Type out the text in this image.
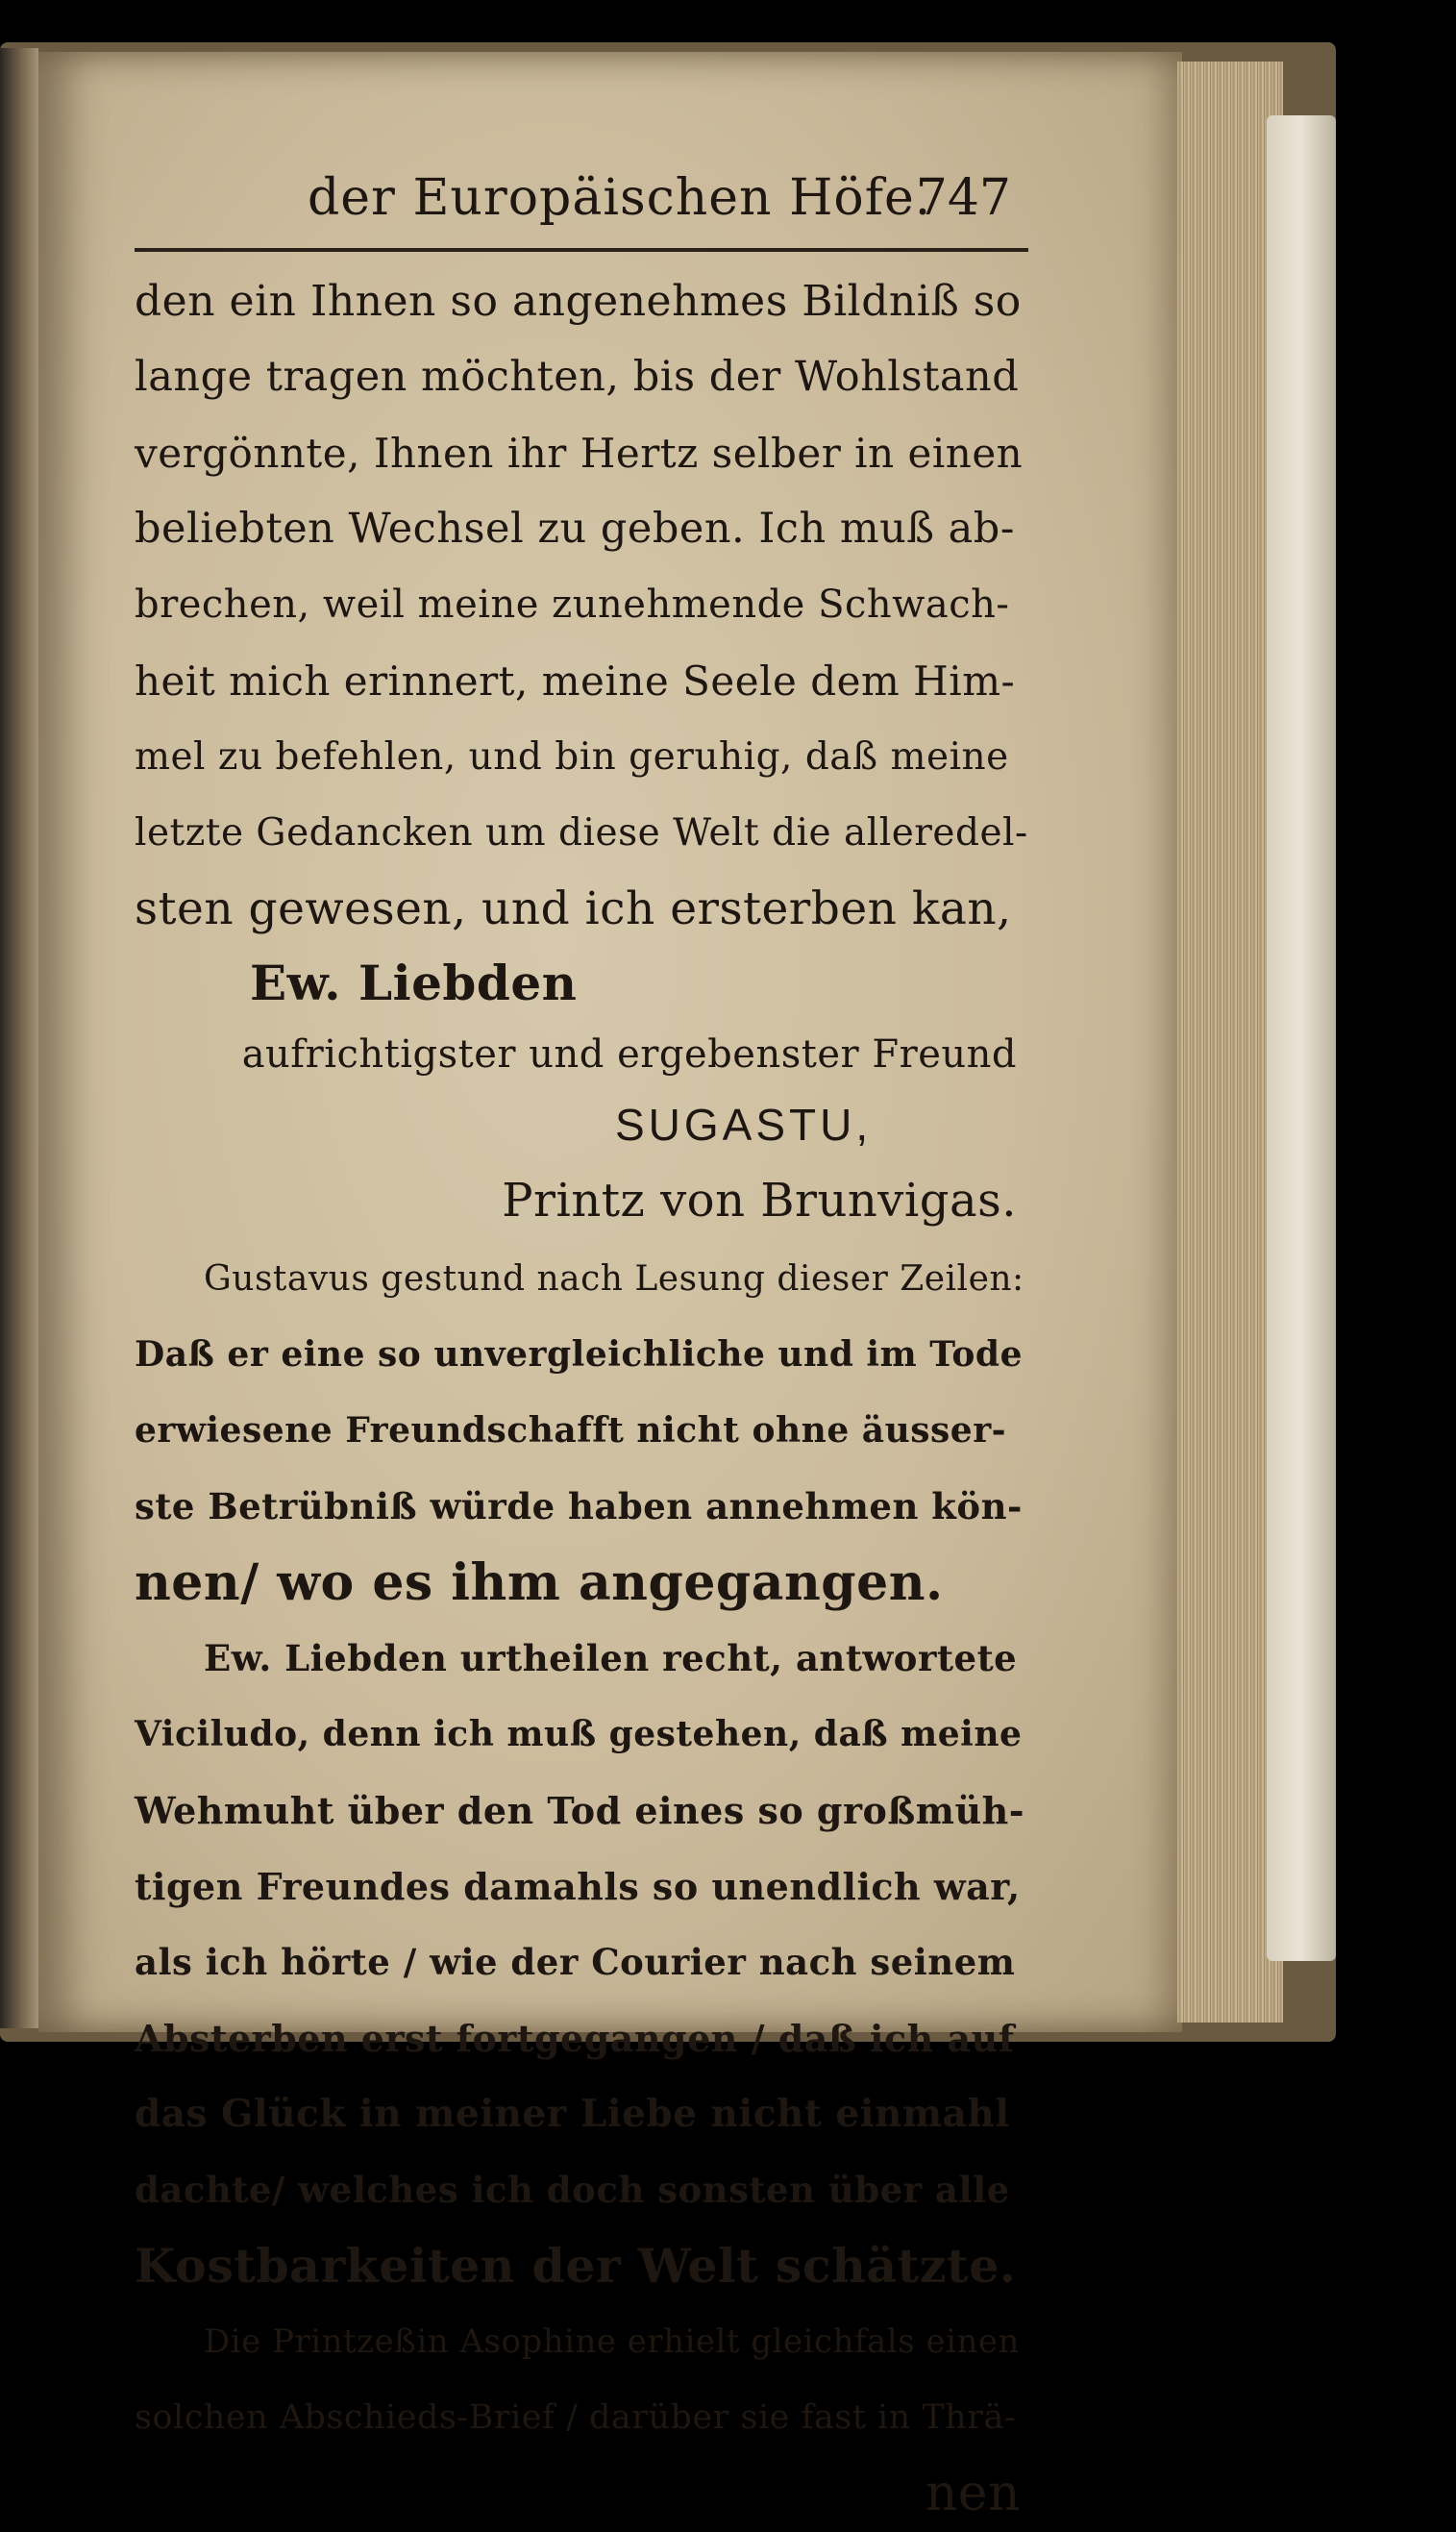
der Europäischen Höfe.
747
den ein Ihnen so angenehmes Bildniß so
lange tragen möchten, bis der Wohlstand
vergönnte, Ihnen ihr Hertz selber in einen
beliebten Wechsel zu geben. Ich muß ab-
brechen, weil meine zunehmende Schwach-
heit mich erinnert, meine Seele dem Him-
mel zu befehlen, und bin geruhig, daß meine
letzte Gedancken um diese Welt die alleredel-
sten gewesen, und ich ersterben kan,
Ew. Liebden
aufrichtigster und ergebenster Freund
SUGASTU,
Printz von Brunvigas.
Gustavus gestund nach Lesung dieser Zeilen:
Daß er eine so unvergleichliche und im Tode
erwiesene Freundschafft nicht ohne äusser-
ste Betrübniß würde haben annehmen kön-
nen/ wo es ihm angegangen.
Ew. Liebden urtheilen recht, antwortete
Viciludo, denn ich muß gestehen, daß meine
Wehmuht über den Tod eines so großmüh-
tigen Freundes damahls so unendlich war,
als ich hörte / wie der Courier nach seinem
Absterben erst fortgegangen / daß ich auf
das Glück in meiner Liebe nicht einmahl
dachte/ welches ich doch sonsten über alle
Kostbarkeiten der Welt schätzte.
Die Printzeßin Asophine erhielt gleichfals einen
solchen Abschieds-Brief / darüber sie fast in Thrä-
nen
